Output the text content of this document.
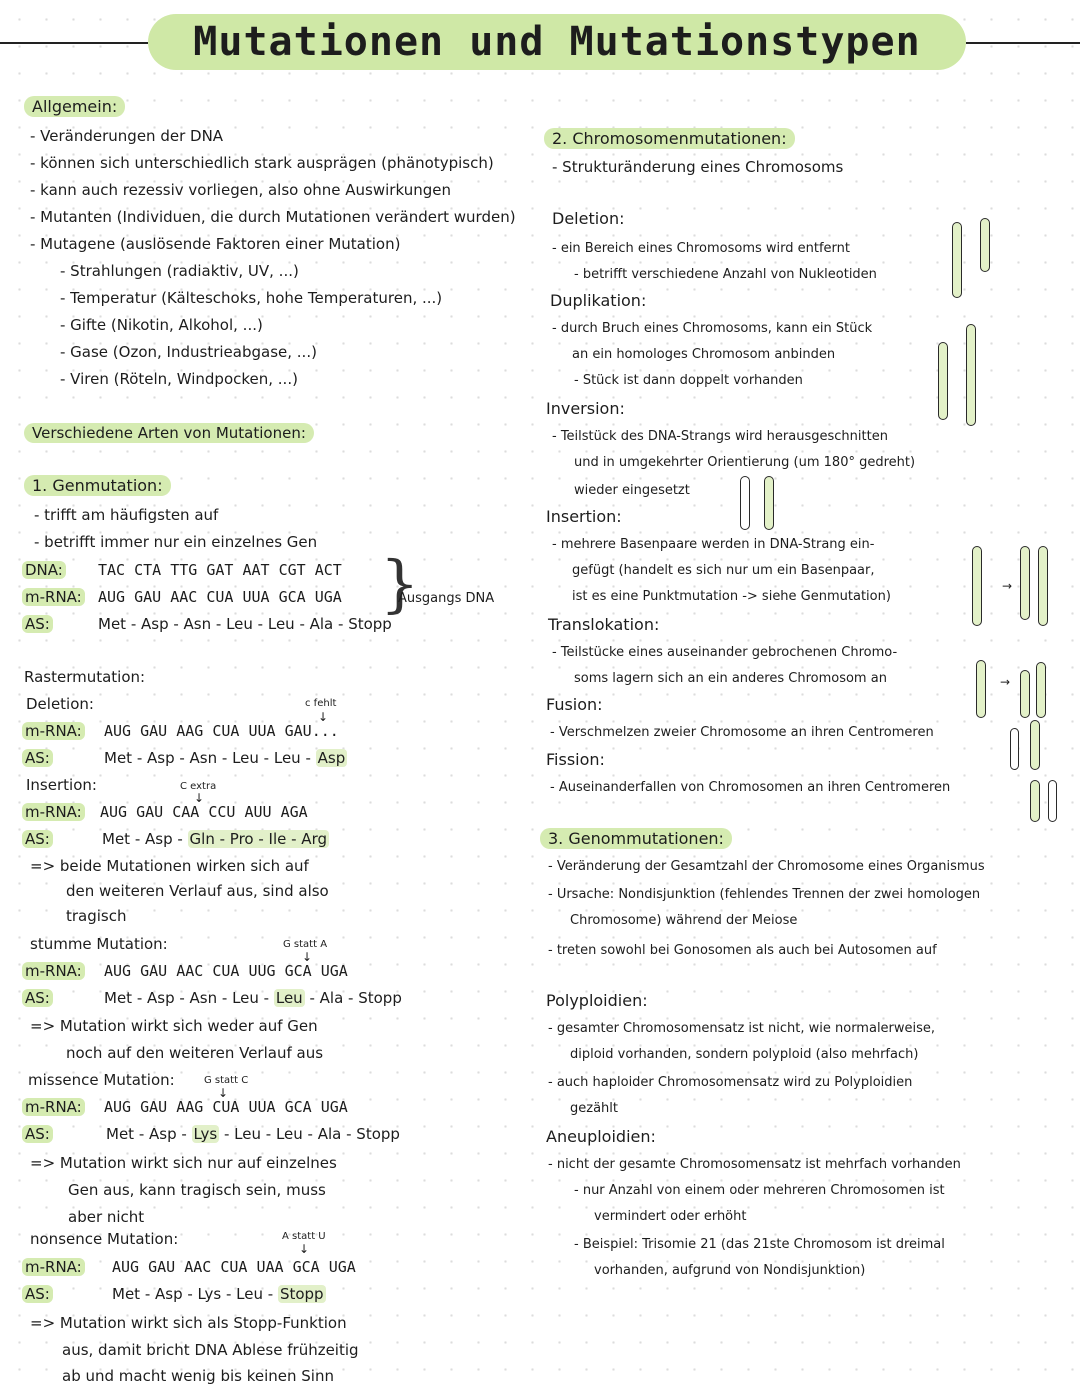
Mutationen und Mutationstypen
Allgemein:
- Veränderungen der DNA
- können sich unterschiedlich stark ausprägen (phänotypisch)
- kann auch rezessiv vorliegen, also ohne Auswirkungen
- Mutanten (Individuen, die durch Mutationen verändert wurden)
- Mutagene (auslösende Faktoren einer Mutation)
- Strahlungen (radiaktiv, UV, ...)
- Temperatur (Kälteschoks, hohe Temperaturen, ...)
- Gifte (Nikotin, Alkohol, ...)
- Gase (Ozon, Industrieabgase, ...)
- Viren (Röteln, Windpocken, ...)
Verschiedene Arten von Mutationen:
1. Genmutation:
- trifft am häufigsten auf
- betrifft immer nur ein einzelnes Gen
DNA: TAC CTA TTG GAT AAT CGT ACT
m-RNA: AUG GAU AAC CUA UUA GCA UGA
AS:	Met - Asp - Asn - Leu - Leu - Ala - Stopp
}
Ausgangs DNA
Rastermutation:
Deletion:	c fehlt
↓
m-RNA: AUG GAU AAG CUA UUA GAU...
AS:	Met - Asp - Asn - Leu - Leu - Asp
Insertion:	C extra
↓
m-RNA: AUG GAU CAA CCU AUU AGA
AS:	Met - Asp - Gln - Pro - Ile - Arg
=> beide Mutationen wirken sich auf
den weiteren Verlauf aus, sind also
tragisch
stumme Mutation:	G statt A
↓
m-RNA: AUG GAU AAC CUA UUG GCA UGA
AS:	Met - Asp - Asn - Leu - Leu - Ala - Stopp
=> Mutation wirkt sich weder auf Gen
noch auf den weiteren Verlauf aus
missence Mutation:	G statt C
↓
m-RNA: AUG GAU AAG CUA UUA GCA UGA
AS:	Met - Asp - Lys - Leu - Leu - Ala - Stopp
=> Mutation wirkt sich nur auf einzelnes
Gen aus, kann tragisch sein, muss
aber nicht
nonsence Mutation:	A statt U
↓
m-RNA: AUG GAU AAC CUA UAA GCA UGA
AS:	Met - Asp - Lys - Leu - Stopp
=> Mutation wirkt sich als Stopp-Funktion
aus, damit bricht DNA Ablese frühzeitig
ab und macht wenig bis keinen Sinn
2. Chromosomenmutationen:
- Strukturänderung eines Chromosoms
Deletion:
- ein Bereich eines Chromosoms wird entfernt
- betrifft verschiedene Anzahl von Nukleotiden
Duplikation:
- durch Bruch eines Chromosoms, kann ein Stück
an ein homologes Chromosom anbinden
- Stück ist dann doppelt vorhanden
Inversion:
- Teilstück des DNA-Strangs wird herausgeschnitten
und in umgekehrter Orientierung (um 180° gedreht)
wieder eingesetzt
Insertion:
- mehrere Basenpaare werden in DNA-Strang ein-
gefügt (handelt es sich nur um ein Basenpaar,
ist es eine Punktmutation -> siehe Genmutation)
Translokation:
- Teilstücke eines auseinander gebrochenen Chromo-
soms lagern sich an ein anderes Chromosom an
Fusion:
- Verschmelzen zweier Chromosome an ihren Centromeren
Fission:
- Auseinanderfallen von Chromosomen an ihren Centromeren
3. Genommutationen:
- Veränderung der Gesamtzahl der Chromosome eines Organismus
- Ursache: Nondisjunktion (fehlendes Trennen der zwei homologen
Chromosome) während der Meiose
- treten sowohl bei Gonosomen als auch bei Autosomen auf
Polyploidien:
- gesamter Chromosomensatz ist nicht, wie normalerweise,
diploid vorhanden, sondern polyploid (also mehrfach)
- auch haploider Chromosomensatz wird zu Polyploidien
gezählt
Aneuploidien:
- nicht der gesamte Chromosomensatz ist mehrfach vorhanden
- nur Anzahl von einem oder mehreren Chromosomen ist
vermindert oder erhöht
- Beispiel: Trisomie 21 (das 21ste Chromosom ist dreimal
vorhanden, aufgrund von Nondisjunktion)
→
→
